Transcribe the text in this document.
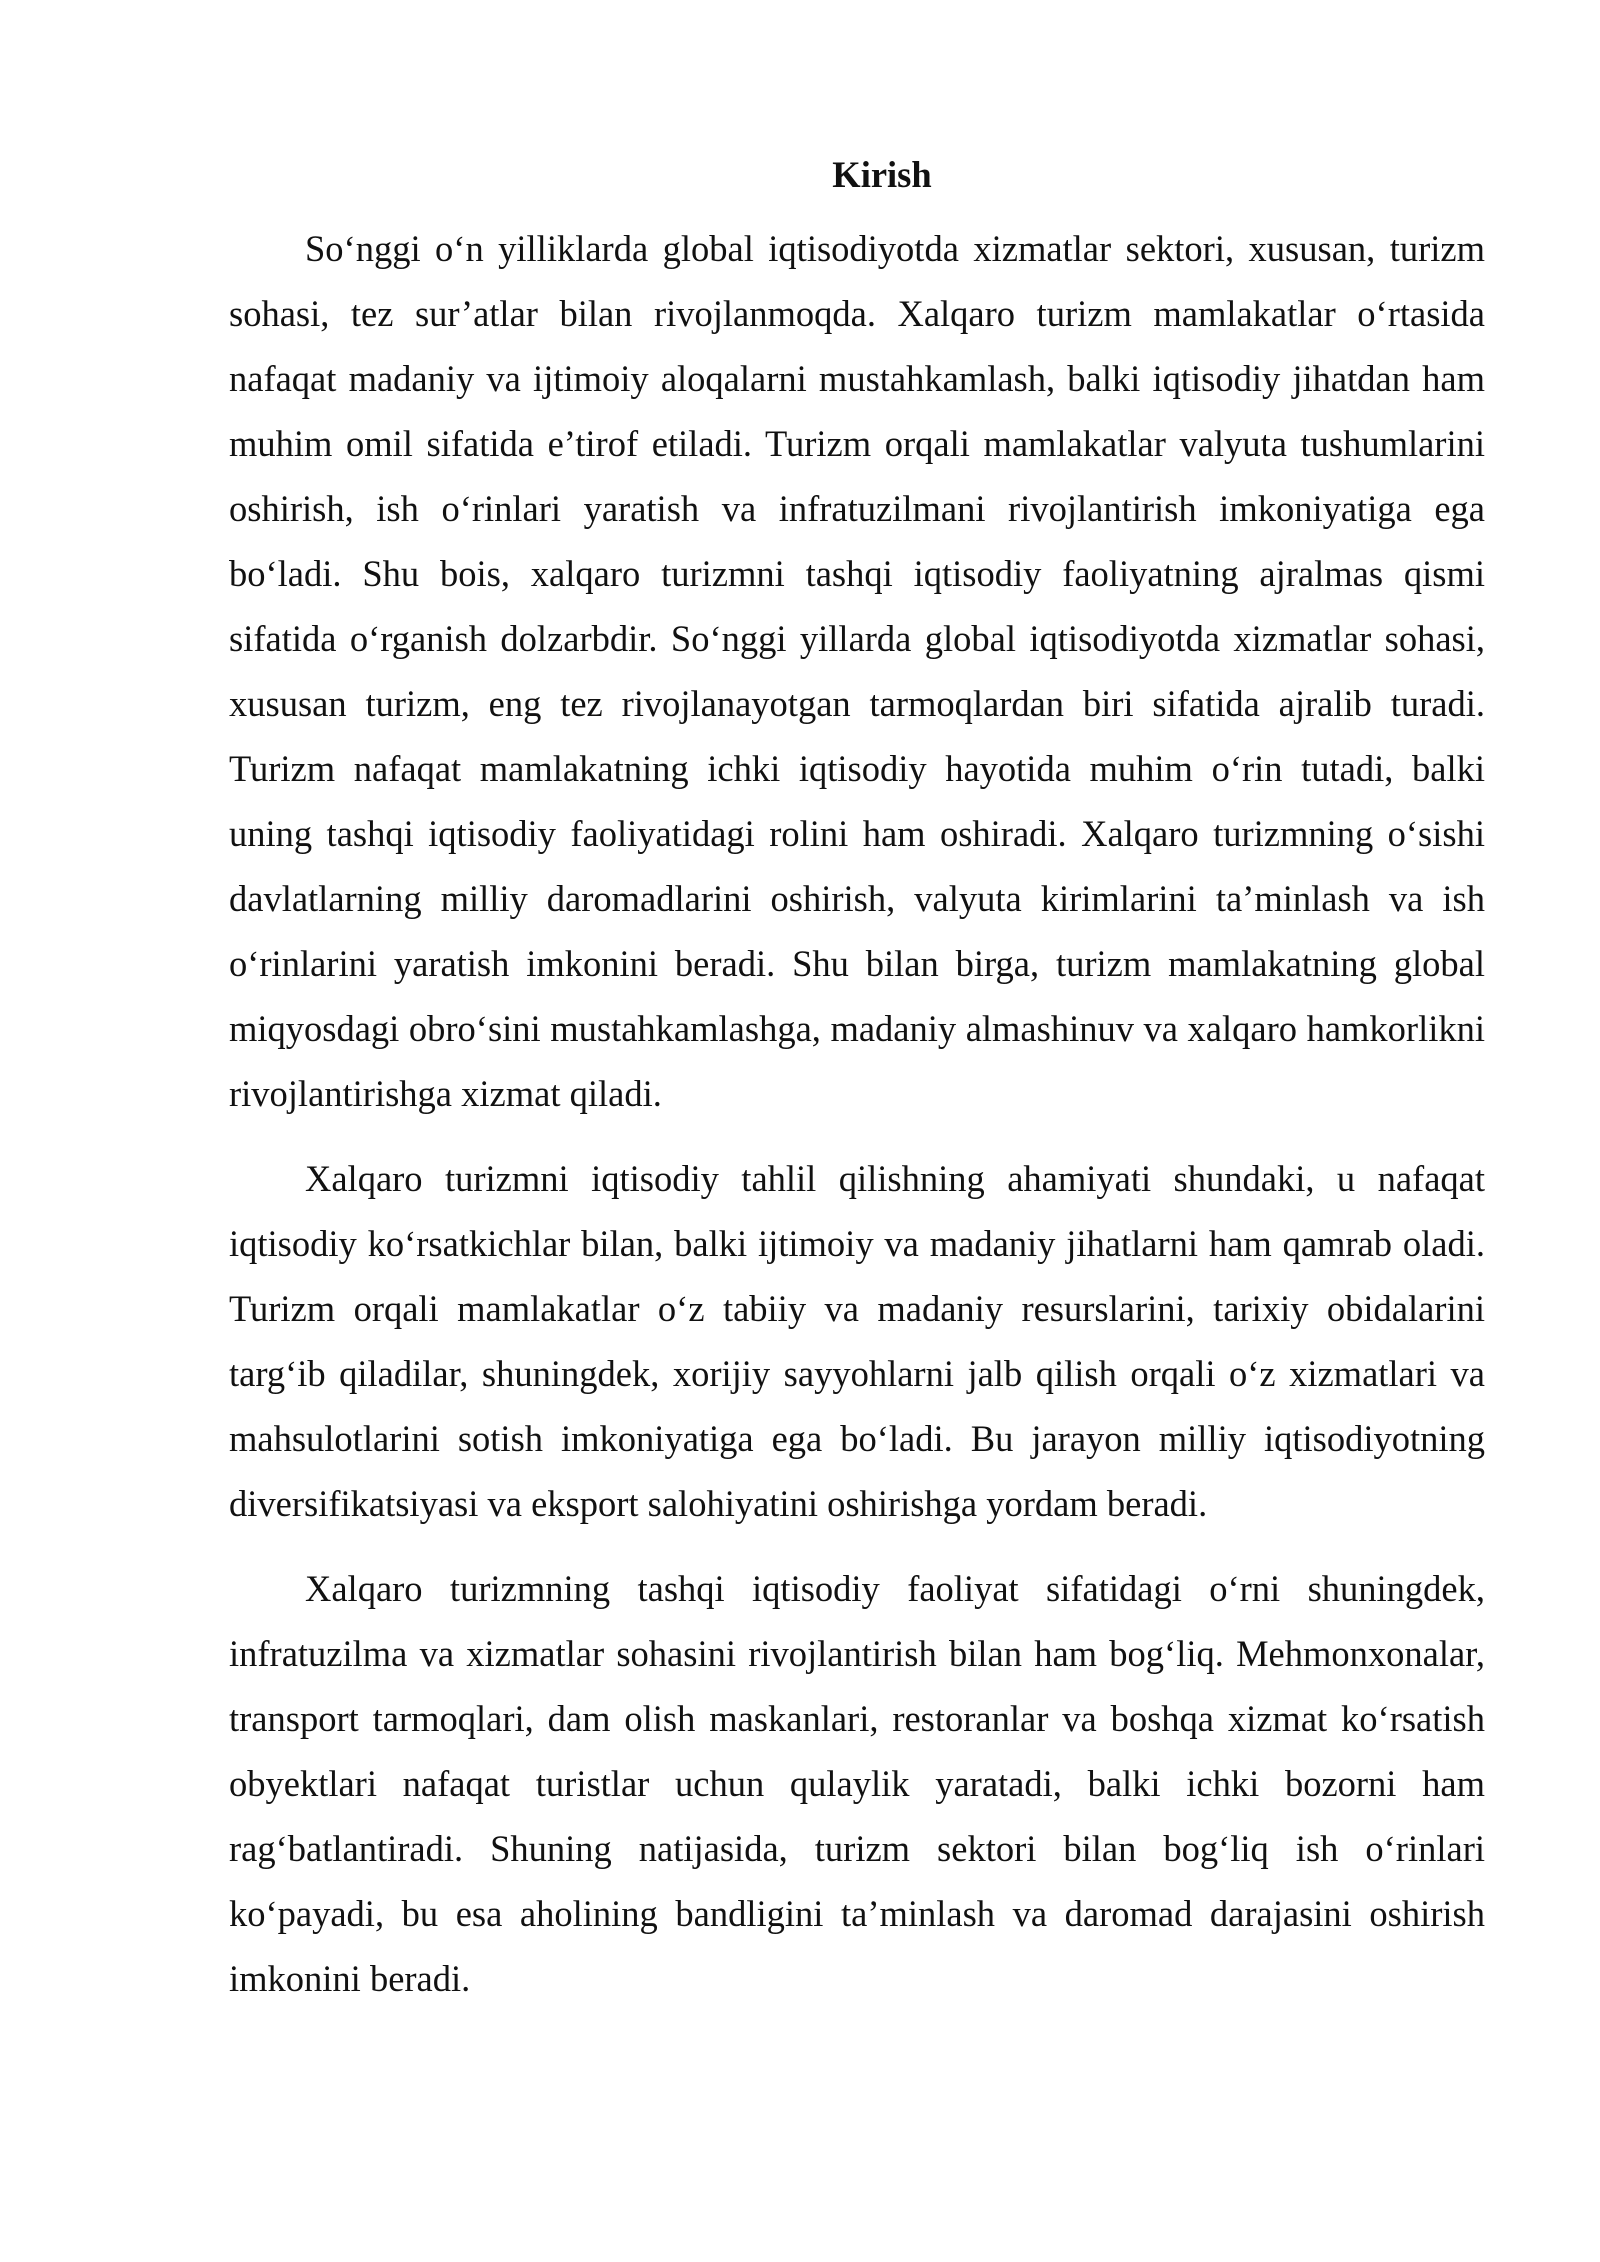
Kirish

So‘nggi o‘n yilliklarda global iqtisodiyotda xizmatlar sektori, xususan, turizm sohasi, tez sur’atlar bilan rivojlanmoqda. Xalqaro turizm mamlakatlar o‘rtasida nafaqat madaniy va ijtimoiy aloqalarni mustahkamlash, balki iqtisodiy jihatdan ham muhim omil sifatida e’tirof etiladi. Turizm orqali mamlakatlar valyuta tushumlarini oshirish, ish o‘rinlari yaratish va infratuzilmani rivojlantirish imkoniyatiga ega bo‘ladi. Shu bois, xalqaro turizmni tashqi iqtisodiy faoliyatning ajralmas qismi sifatida o‘rganish dolzarbdir. So‘nggi yillarda global iqtisodiyotda xizmatlar sohasi, xususan turizm, eng tez rivojlanayotgan tarmoqlardan biri sifatida ajralib turadi. Turizm nafaqat mamlakatning ichki iqtisodiy hayotida muhim o‘rin tutadi, balki uning tashqi iqtisodiy faoliyatidagi rolini ham oshiradi. Xalqaro turizmning o‘sishi davlatlarning milliy daromadlarini oshirish, valyuta kirimlarini ta’minlash va ish o‘rinlarini yaratish imkonini beradi. Shu bilan birga, turizm mamlakatning global miqyosdagi obro‘sini mustahkamlashga, madaniy almashinuv va xalqaro hamkorlikni rivojlantirishga xizmat qiladi.

Xalqaro turizmni iqtisodiy tahlil qilishning ahamiyati shundaki, u nafaqat iqtisodiy ko‘rsatkichlar bilan, balki ijtimoiy va madaniy jihatlarni ham qamrab oladi. Turizm orqali mamlakatlar o‘z tabiiy va madaniy resurslarini, tarixiy obidalarini targ‘ib qiladilar, shuningdek, xorijiy sayyohlarni jalb qilish orqali o‘z xizmatlari va mahsulotlarini sotish imkoniyatiga ega bo‘ladi. Bu jarayon milliy iqtisodiyotning diversifikatsiyasi va eksport salohiyatini oshirishga yordam beradi.

Xalqaro turizmning tashqi iqtisodiy faoliyat sifatidagi o‘rni shuningdek, infratuzilma va xizmatlar sohasini rivojlantirish bilan ham bog‘liq. Mehmonxonalar, transport tarmoqlari, dam olish maskanlari, restoranlar va boshqa xizmat ko‘rsatish obyektlari nafaqat turistlar uchun qulaylik yaratadi, balki ichki bozorni ham rag‘batlantiradi. Shuning natijasida, turizm sektori bilan bog‘liq ish o‘rinlari ko‘payadi, bu esa aholining bandligini ta’minlash va daromad darajasini oshirish imkonini beradi.
